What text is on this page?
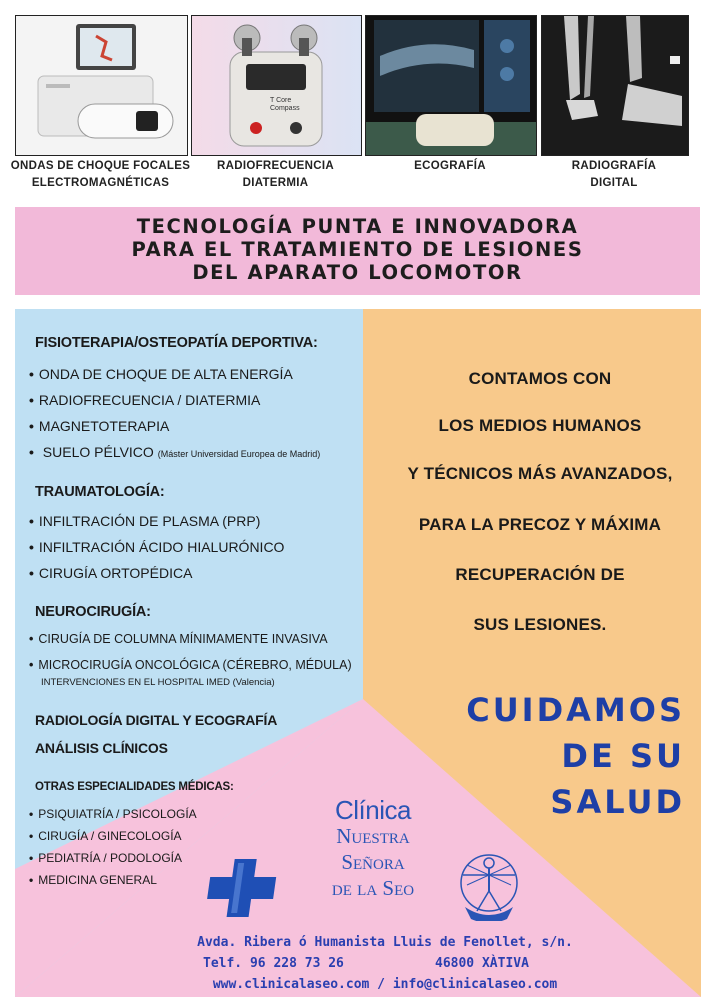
T Core
Compass
ONDAS DE CHOQUE FOCALES
ELECTROMAGNÉTICAS
RADIOFRECUENCIA
DIATERMIA
ECOGRAFÍA	RADIOGRAFÍA
DIGITAL
TECNOLOGÍA PUNTA E INNOVADORA
PARA EL TRATAMIENTO DE LESIONES
DEL APARATO LOCOMOTOR
FISIOTERAPIA/OSTEOPATÍA DEPORTIVA:
• ONDA DE CHOQUE DE ALTA ENERGÍA
• RADIOFRECUENCIA / DIATERMIA
• MAGNETOTERAPIA
• SUELO PÉLVICO (Máster Universidad Europea de Madrid)
TRAUMATOLOGÍA:
• INFILTRACIÓN DE PLASMA (PRP)
• INFILTRACIÓN ÁCIDO HIALURÓNICO
• CIRUGÍA ORTOPÉDICA
NEUROCIRUGÍA:
• CIRUGÍA DE COLUMNA MÍNIMAMENTE INVASIVA
• MICROCIRUGÍA ONCOLÓGICA (CÉREBRO, MÉDULA)
INTERVENCIONES EN EL HOSPITAL IMED (Valencia)
RADIOLOGÍA DIGITAL Y ECOGRAFÍA
ANÁLISIS CLÍNICOS
OTRAS ESPECIALIDADES MÉDICAS:
• PSIQUIATRÍA / PSICOLOGÍA
• CIRUGÍA / GINECOLOGÍA
• PEDIATRÍA / PODOLOGÍA
• MEDICINA GENERAL
CONTAMOS CON
LOS MEDIOS HUMANOS
Y TÉCNICOS MÁS AVANZADOS,
PARA LA PRECOZ Y MÁXIMA
RECUPERACIÓN DE
SUS LESIONES.
CUIDAMOS
DE SU
SALUD
Clínica
Nuestra
Señora
de la Seo
Avda. Ribera ó Humanista Lluis de Fenollet, s/n.
Telf. 96 228 73 26	46800 XÀTIVA
www.clinicalaseo.com / info@clinicalaseo.com
